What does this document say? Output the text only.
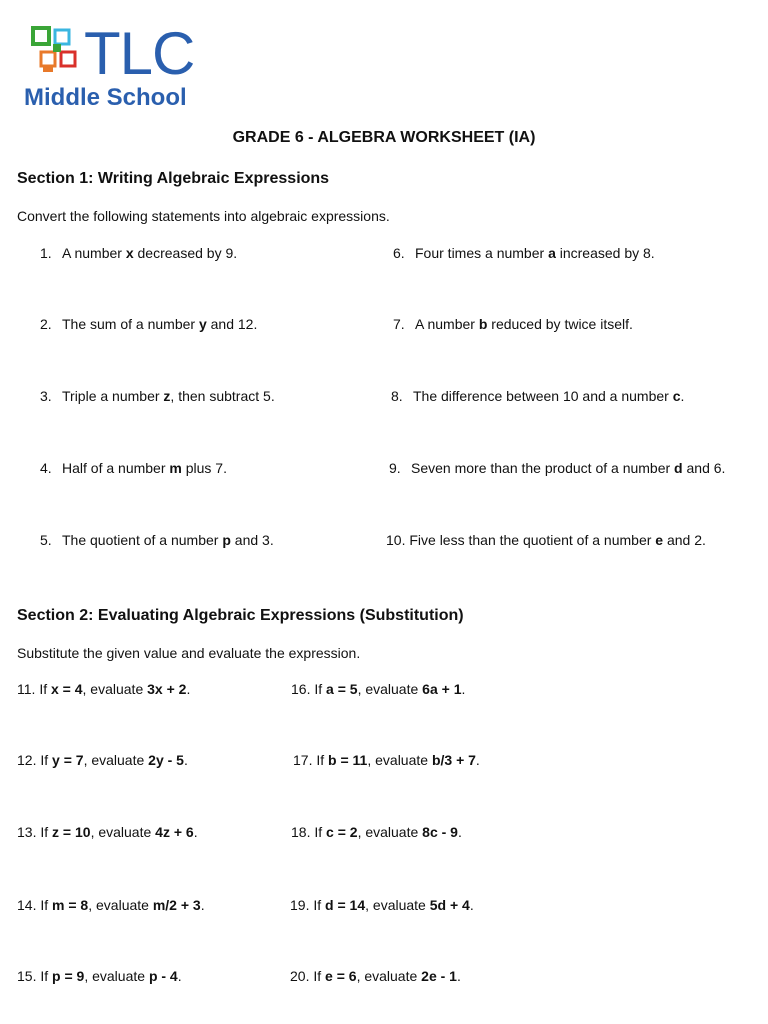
TLC
Middle School
GRADE 6 - ALGEBRA WORKSHEET (IA)
Section 1: Writing Algebraic Expressions
Convert the following statements into algebraic expressions.
1. A number x decreased by 9.
2. The sum of a number y and 12.
3. Triple a number z, then subtract 5.
4. Half of a number m plus 7.
5. The quotient of a number p and 3.
6. Four times a number a increased by 8.
7. A number b reduced by twice itself.
8. The difference between 10 and a number c.
9. Seven more than the product of a number d and 6.
10. Five less than the quotient of a number e and 2.
Section 2: Evaluating Algebraic Expressions (Substitution)
Substitute the given value and evaluate the expression.
11. If x = 4, evaluate 3x + 2.
12. If y = 7, evaluate 2y - 5.
13. If z = 10, evaluate 4z + 6.
14. If m = 8, evaluate m/2 + 3.
15. If p = 9, evaluate p - 4.
16. If a = 5, evaluate 6a + 1.
17. If b = 11, evaluate b/3 + 7.
18. If c = 2, evaluate 8c - 9.
19. If d = 14, evaluate 5d + 4.
20. If e = 6, evaluate 2e - 1.
